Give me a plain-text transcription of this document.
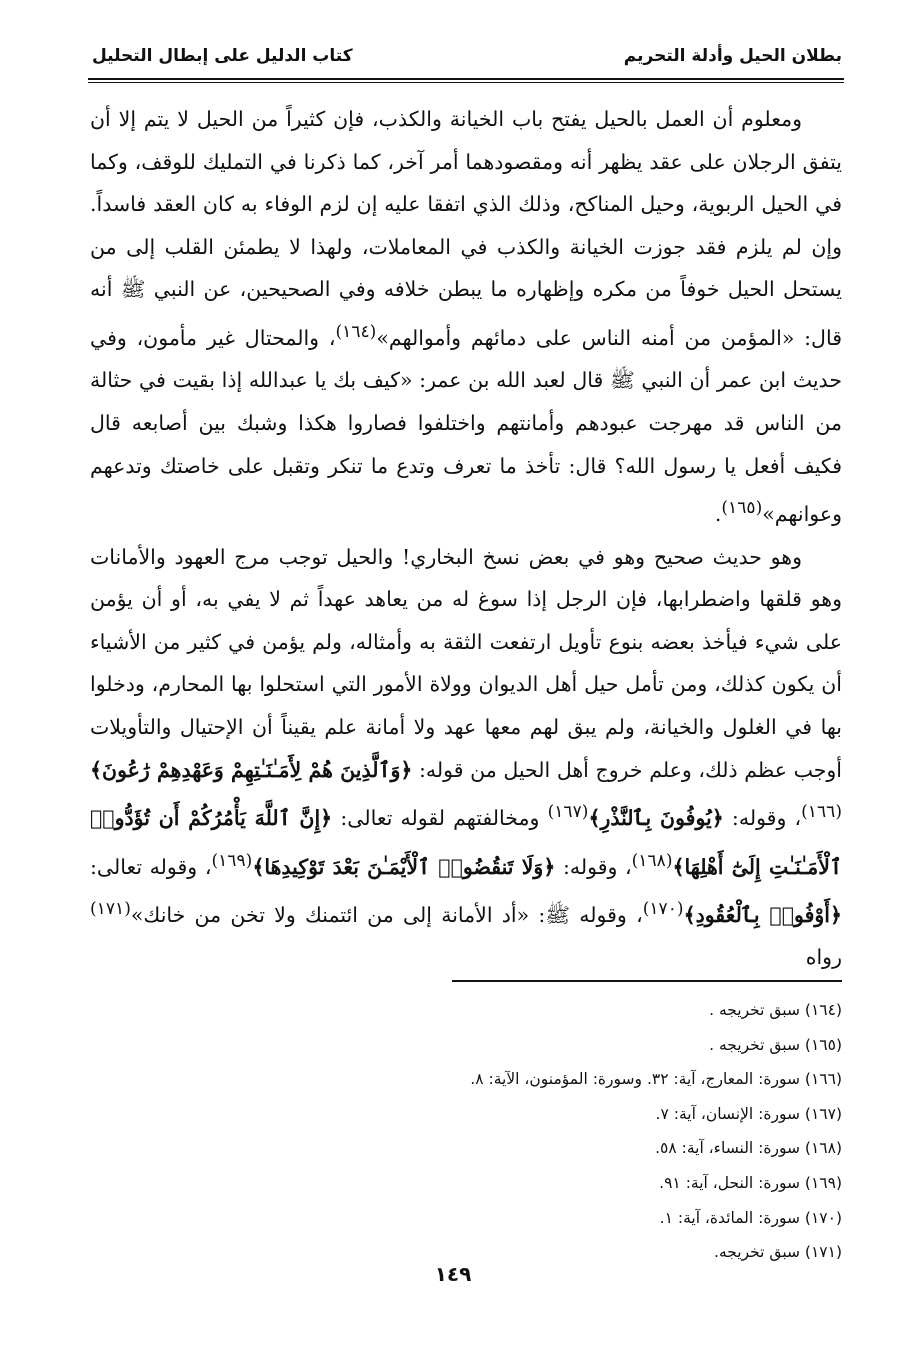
بطلان الحيل وأدلة التحريم
كتاب الدليل على إبطال التحليل

ومعلوم أن العمل بالحيل يفتح باب الخيانة والكذب، فإن كثيراً من الحيل لا يتم إلا أن يتفق الرجلان على عقد يظهر أنه ومقصودهما أمر آخر، كما ذكرنا في التمليك للوقف، وكما في الحيل الربوية، وحيل المناكح، وذلك الذي اتفقا عليه إن لزم الوفاء به كان العقد فاسداً. وإن لم يلزم فقد جوزت الخيانة والكذب في المعاملات، ولهذا لا يطمئن القلب إلى من يستحل الحيل خوفاً من مكره وإظهاره ما يبطن خلافه وفي الصحيحين، عن النبي ﷺ أنه قال: «المؤمن من أمنه الناس على دمائهم وأموالهم»$^{(١٦٤)}$، والمحتال غير مأمون، وفي حديث ابن عمر أن النبي ﷺ قال لعبد الله بن عمر: «كيف بك يا عبدالله إذا بقيت في حثالة من الناس قد مهرجت عبودهم وأمانتهم واختلفوا فصاروا هكذا وشبك بين أصابعه قال فكيف أفعل يا رسول الله؟ قال: تأخذ ما تعرف وتدع ما تنكر وتقبل على خاصتك وتدعهم وعوانهم»$^{(١٦٥)}$.

وهو حديث صحيح وهو في بعض نسخ البخاري! والحيل توجب مرج العهود والأمانات وهو قلقها واضطرابها، فإن الرجل إذا سوغ له من يعاهد عهداً ثم لا يفي به، أو أن يؤمن على شيء فيأخذ بعضه بنوع تأويل ارتفعت الثقة به وأمثاله، ولم يؤمن في كثير من الأشياء أن يكون كذلك، ومن تأمل حيل أهل الديوان وولاة الأمور التي استحلوا بها المحارم، ودخلوا بها في الغلول والخيانة، ولم يبق لهم معها عهد ولا أمانة علم يقيناً أن الإحتيال والتأويلات أوجب عظم ذلك، وعلم خروج أهل الحيل من قوله: ﴿وَٱلَّذِينَ هُمْ لِأَمَـٰنَـٰتِهِمْ وَعَهْدِهِمْ رَٰعُونَ﴾$^{(١٦٦)}$، وقوله: ﴿يُوفُونَ بِٱلنَّذْرِ﴾$^{(١٦٧)}$ ومخالفتهم لقوله تعالى: ﴿إِنَّ ٱللَّهَ يَأْمُرُكُمْ أَن تُؤَدُّوا۟ ٱلْأَمَـٰنَـٰتِ إِلَىٰٓ أَهْلِهَا﴾$^{(١٦٨)}$، وقوله: ﴿وَلَا تَنقُضُوا۟ ٱلْأَيْمَـٰنَ بَعْدَ تَوْكِيدِهَا﴾$^{(١٦٩)}$، وقوله تعالى: ﴿أَوْفُوا۟ بِٱلْعُقُودِ﴾$^{(١٧٠)}$، وقوله ﷺ: «أد الأمانة إلى من ائتمنك ولا تخن من خانك»$^{(١٧١)}$ رواه

(١٦٤) سبق تخريجه .
(١٦٥) سبق تخريجه .
(١٦٦) سورة: المعارج، آية: ٣٢. وسورة: المؤمنون، الآية: ٨.
(١٦٧) سورة: الإنسان، آية: ٧.
(١٦٨) سورة: النساء، آية: ٥٨.
(١٦٩) سورة: النحل، آية: ٩١.
(١٧٠) سورة: المائدة، آية: ١.
(١٧١) سبق تخريجه.
١٤٩
